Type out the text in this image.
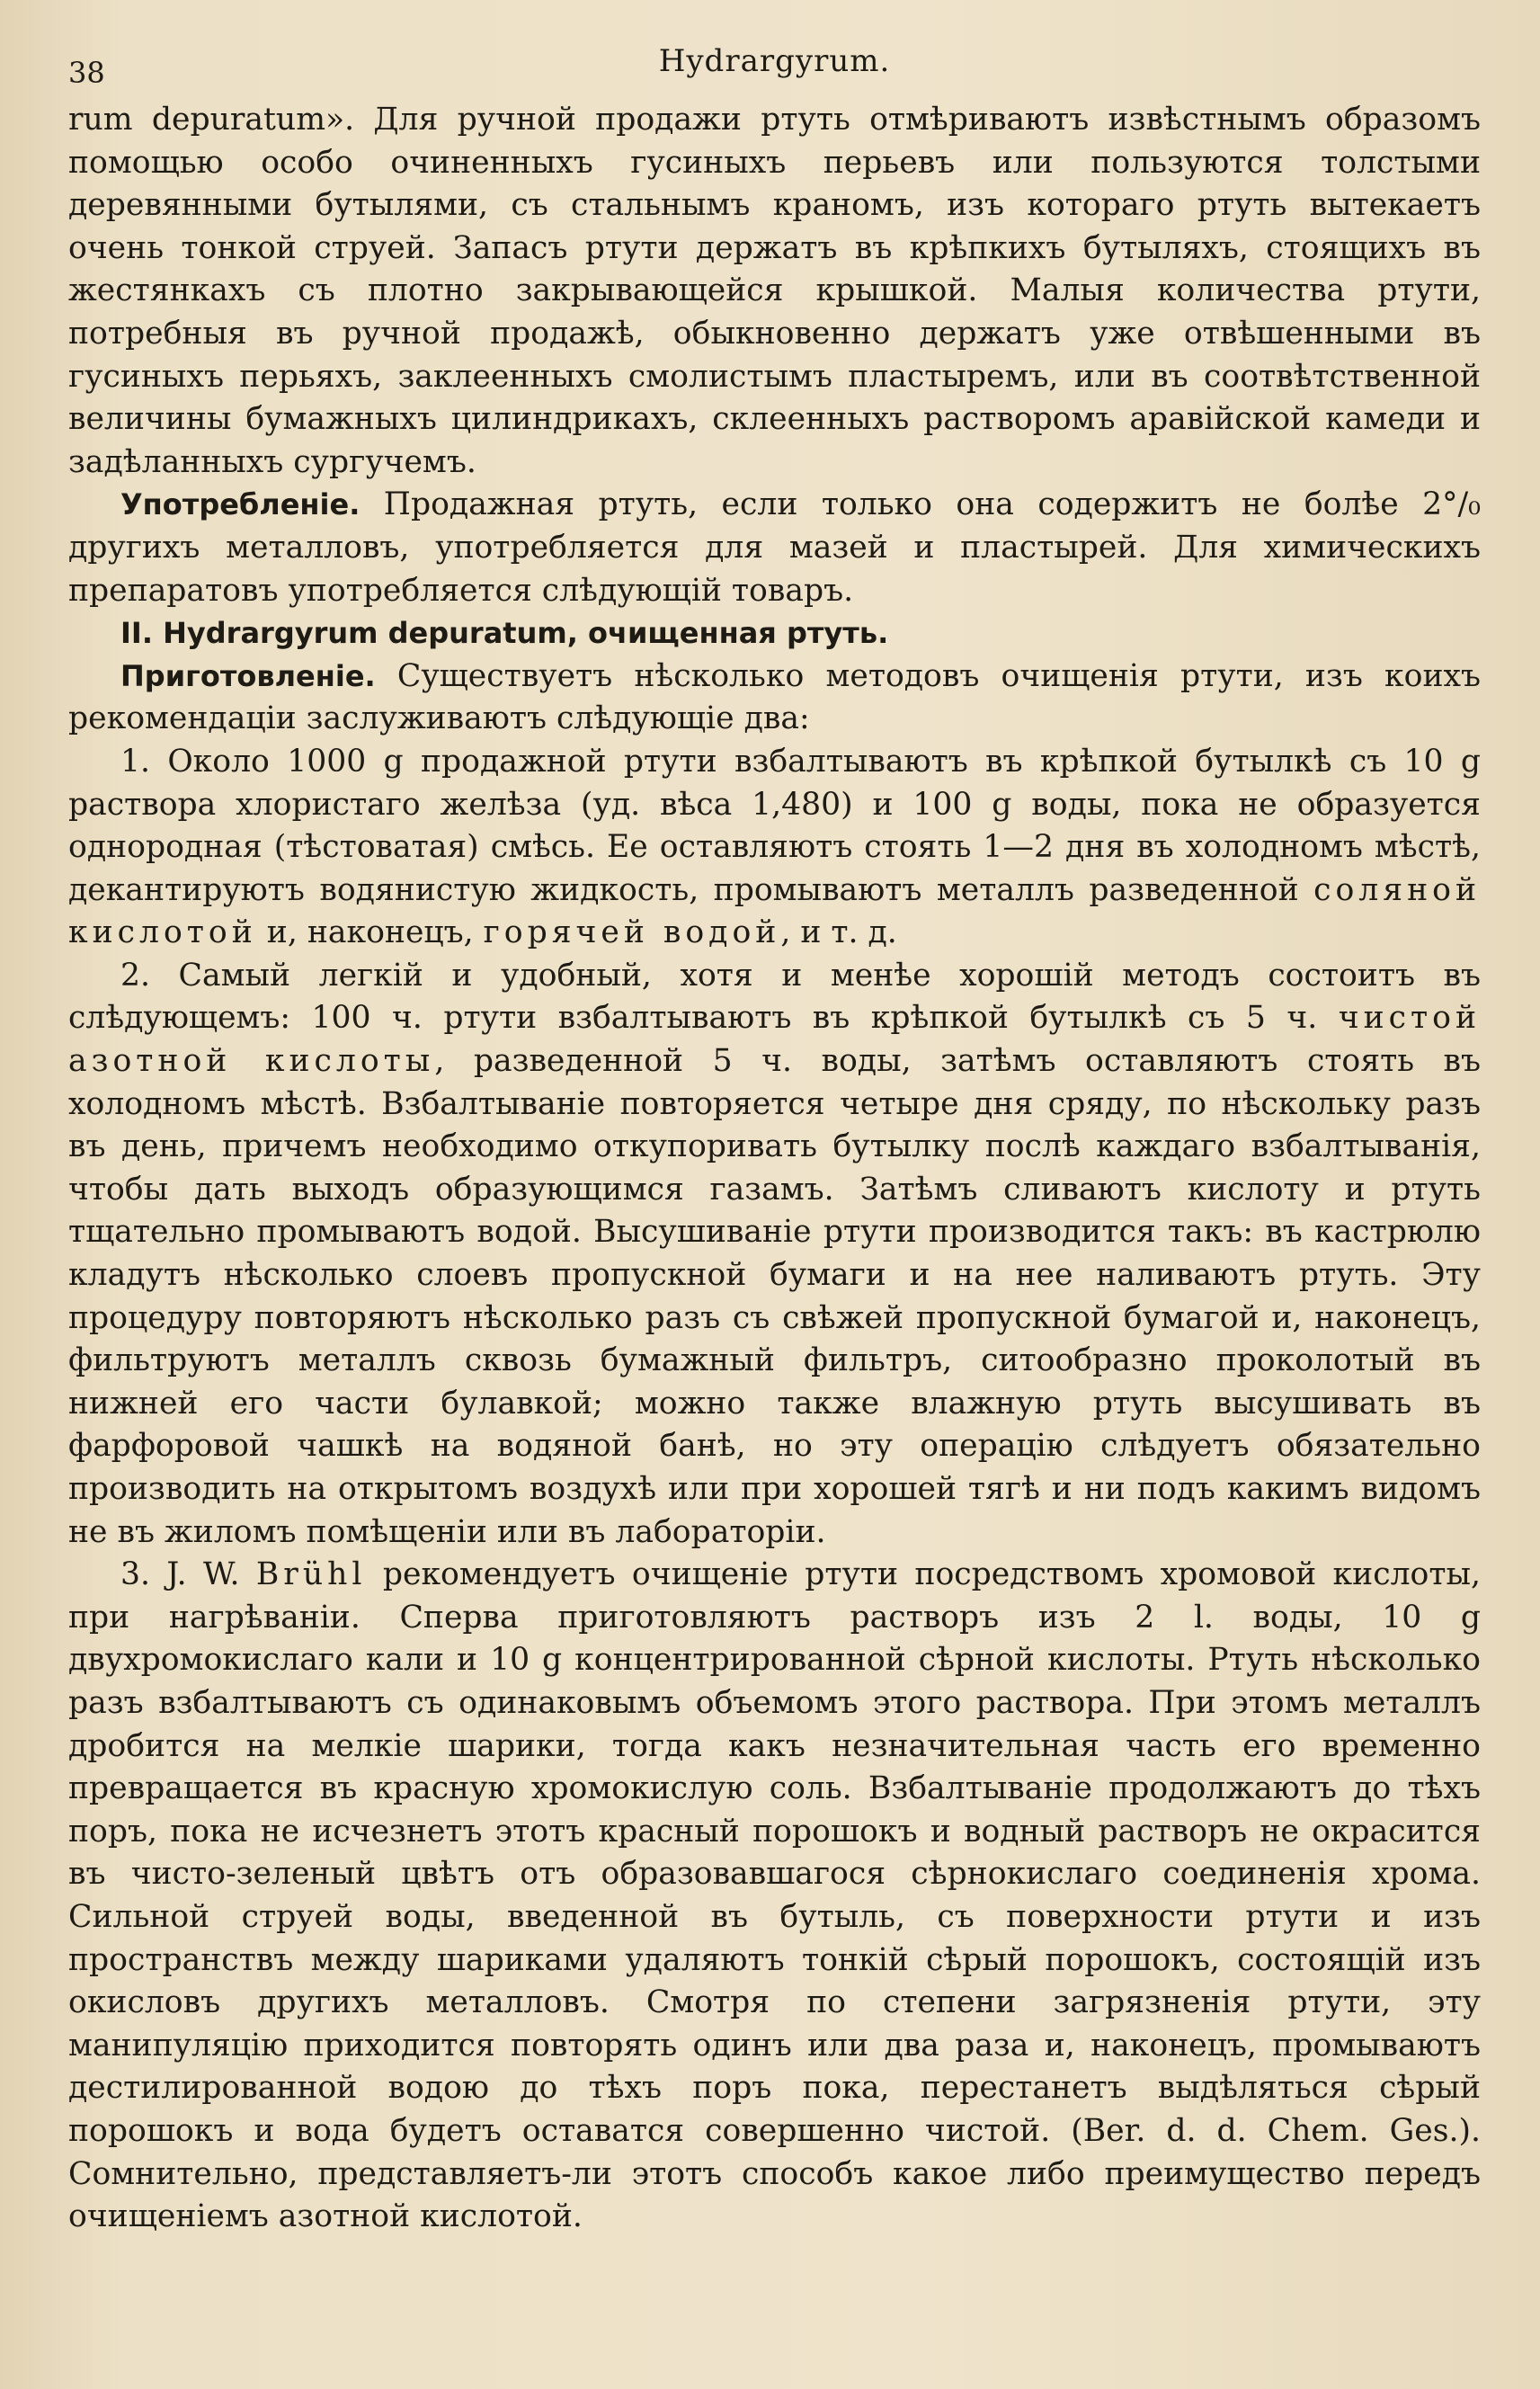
38	Hydrargyrum.

rum depuratum». Для ручной продажи ртуть отмѣриваютъ извѣстнымъ образомъ помощью особо очиненныхъ гусиныхъ перьевъ или пользуются толстыми деревянными бутылями, съ стальнымъ краномъ, изъ котораго ртуть вытекаетъ очень тонкой струей. Запасъ ртути держатъ въ крѣпкихъ бутыляхъ, стоящихъ въ жестянкахъ съ плотно закрывающейся крышкой. Малыя количества ртути, потребныя въ ручной продажѣ, обыкновенно держатъ уже отвѣшенными въ гусиныхъ перьяхъ, заклеенныхъ смолистымъ пластыремъ, или въ соотвѣтственной величины бумажныхъ цилиндрикахъ, склеенныхъ растворомъ аравійской камеди и задѣланныхъ сургучемъ.

Употребленіе. Продажная ртуть, если только она содержитъ не болѣе 2°/₀ другихъ металловъ, употребляется для мазей и пластырей. Для химическихъ препаратовъ употребляется слѣдующій товаръ.

II. Hydrargyrum depuratum, очищенная ртуть.

Приготовленіе. Существуетъ нѣсколько методовъ очищенія ртути, изъ коихъ рекомендаціи заслуживаютъ слѣдующіе два:

1. Около 1000 g продажной ртути взбалтываютъ въ крѣпкой бутылкѣ съ 10 g раствора хлористаго желѣза (уд. вѣса 1,480) и 100 g воды, пока не образуется однородная (тѣстоватая) смѣсь. Ее оставляютъ стоять 1—2 дня въ холодномъ мѣстѣ, декантируютъ водянистую жидкость, промываютъ металлъ разведенной соляной кислотой и, наконецъ, горячей водой, и т. д.

2. Самый легкій и удобный, хотя и менѣе хорошій методъ состоитъ въ слѣдующемъ: 100 ч. ртути взбалтываютъ въ крѣпкой бутылкѣ съ 5 ч. чистой азотной кислоты, разведенной 5 ч. воды, затѣмъ оставляютъ стоять въ холодномъ мѣстѣ. Взбалтываніе повторяется четыре дня сряду, по нѣскольку разъ въ день, причемъ необходимо откупоривать бутылку послѣ каждаго взбалтыванія, чтобы дать выходъ образующимся газамъ. Затѣмъ сливаютъ кислоту и ртуть тщательно промываютъ водой. Высушиваніе ртути производится такъ: въ кастрюлю кладутъ нѣсколько слоевъ пропускной бумаги и на нее наливаютъ ртуть. Эту процедуру повторяютъ нѣсколько разъ съ свѣжей пропускной бумагой и, наконецъ, фильтруютъ металлъ сквозь бумажный фильтръ, ситообразно проколотый въ нижней его части булавкой; можно также влажную ртуть высушивать въ фарфоровой чашкѣ на водяной банѣ, но эту операцію слѣдуетъ обязательно производить на открытомъ воздухѣ или при хорошей тягѣ и ни подъ какимъ видомъ не въ жиломъ помѣщеніи или въ лабораторіи.

3. J. W. Brühl рекомендуетъ очищеніе ртути посредствомъ хромовой кислоты, при нагрѣваніи. Сперва приготовляютъ растворъ изъ 2 l. воды, 10 g двухромокислаго кали и 10 g концентрированной сѣрной кислоты. Ртуть нѣсколько разъ взбалтываютъ съ одинаковымъ объемомъ этого раствора. При этомъ металлъ дробится на мелкіе шарики, тогда какъ незначительная часть его временно превращается въ красную хромокислую соль. Взбалтываніе продолжаютъ до тѣхъ поръ, пока не исчезнетъ этотъ красный порошокъ и водный растворъ не окрасится въ чисто-зеленый цвѣтъ отъ образовавшагося сѣрнокислаго соединенія хрома. Сильной струей воды, введенной въ бутыль, съ поверхности ртути и изъ пространствъ между шариками удаляютъ тонкій сѣрый порошокъ, состоящій изъ окисловъ другихъ металловъ. Смотря по степени загрязненія ртути, эту манипуляцію приходится повторять одинъ или два раза и, наконецъ, промываютъ дестилированной водою до тѣхъ поръ пока, перестанетъ выдѣляться сѣрый порошокъ и вода будетъ оставатся совершенно чистой. (Ber. d. d. Chem. Ges.). Сомнительно, представляетъ-ли этотъ способъ какое либо преимущество передъ очищеніемъ азотной кислотой.
